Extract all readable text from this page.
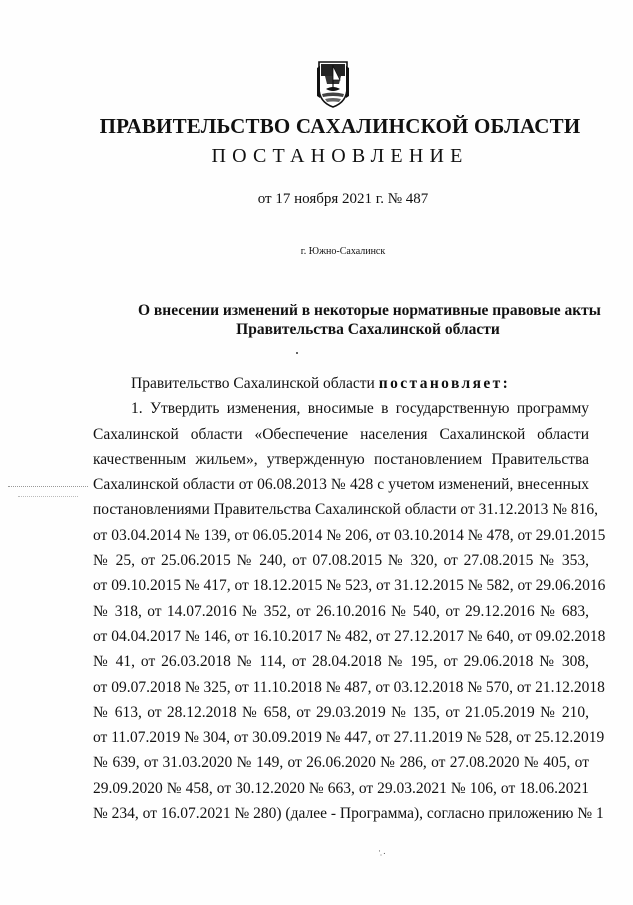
ПРАВИТЕЛЬСТВО САХАЛИНСКОЙ ОБЛАСТИ
ПОСТАНОВЛЕНИЕ
от 17 ноября 2021 г. № 487
г. Южно-Сахалинск
О внесении изменений в некоторые нормативные правовые акты
Правительства Сахалинской области

Правительство Сахалинской области постановляет:

1. Утвердить изменения, вносимые в государственную программу
Сахалинской области «Обеспечение населения Сахалинской области
качественным жильем», утвержденную постановлением Правительства
Сахалинской области от 06.08.2013 № 428 с учетом изменений, внесенных
постановлениями Правительства Сахалинской области от 31.12.2013 № 816,
от 03.04.2014 № 139, от 06.05.2014 № 206, от 03.10.2014 № 478, от 29.01.2015
№ 25, от 25.06.2015 № 240, от 07.08.2015 № 320, от 27.08.2015 № 353,
от 09.10.2015 № 417, от 18.12.2015 № 523, от 31.12.2015 № 582, от 29.06.2016
№ 318, от 14.07.2016 № 352, от 26.10.2016 № 540, от 29.12.2016 № 683,
от 04.04.2017 № 146, от 16.10.2017 № 482, от 27.12.2017 № 640, от 09.02.2018
№ 41, от 26.03.2018 № 114, от 28.04.2018 № 195, от 29.06.2018 № 308,
от 09.07.2018 № 325, от 11.10.2018 № 487, от 03.12.2018 № 570, от 21.12.2018
№ 613, от 28.12.2018 № 658, от 29.03.2019 № 135, от 21.05.2019 № 210,
от 11.07.2019 № 304, от 30.09.2019 № 447, от 27.11.2019 № 528, от 25.12.2019
№ 639, от 31.03.2020 № 149, от 26.06.2020 № 286, от 27.08.2020 № 405, от
29.09.2020 № 458, от 30.12.2020 № 663, от 29.03.2021 № 106, от 18.06.2021
№ 234, от 16.07.2021 № 280) (далее - Программа), согласно приложению № 1
·̣ .
